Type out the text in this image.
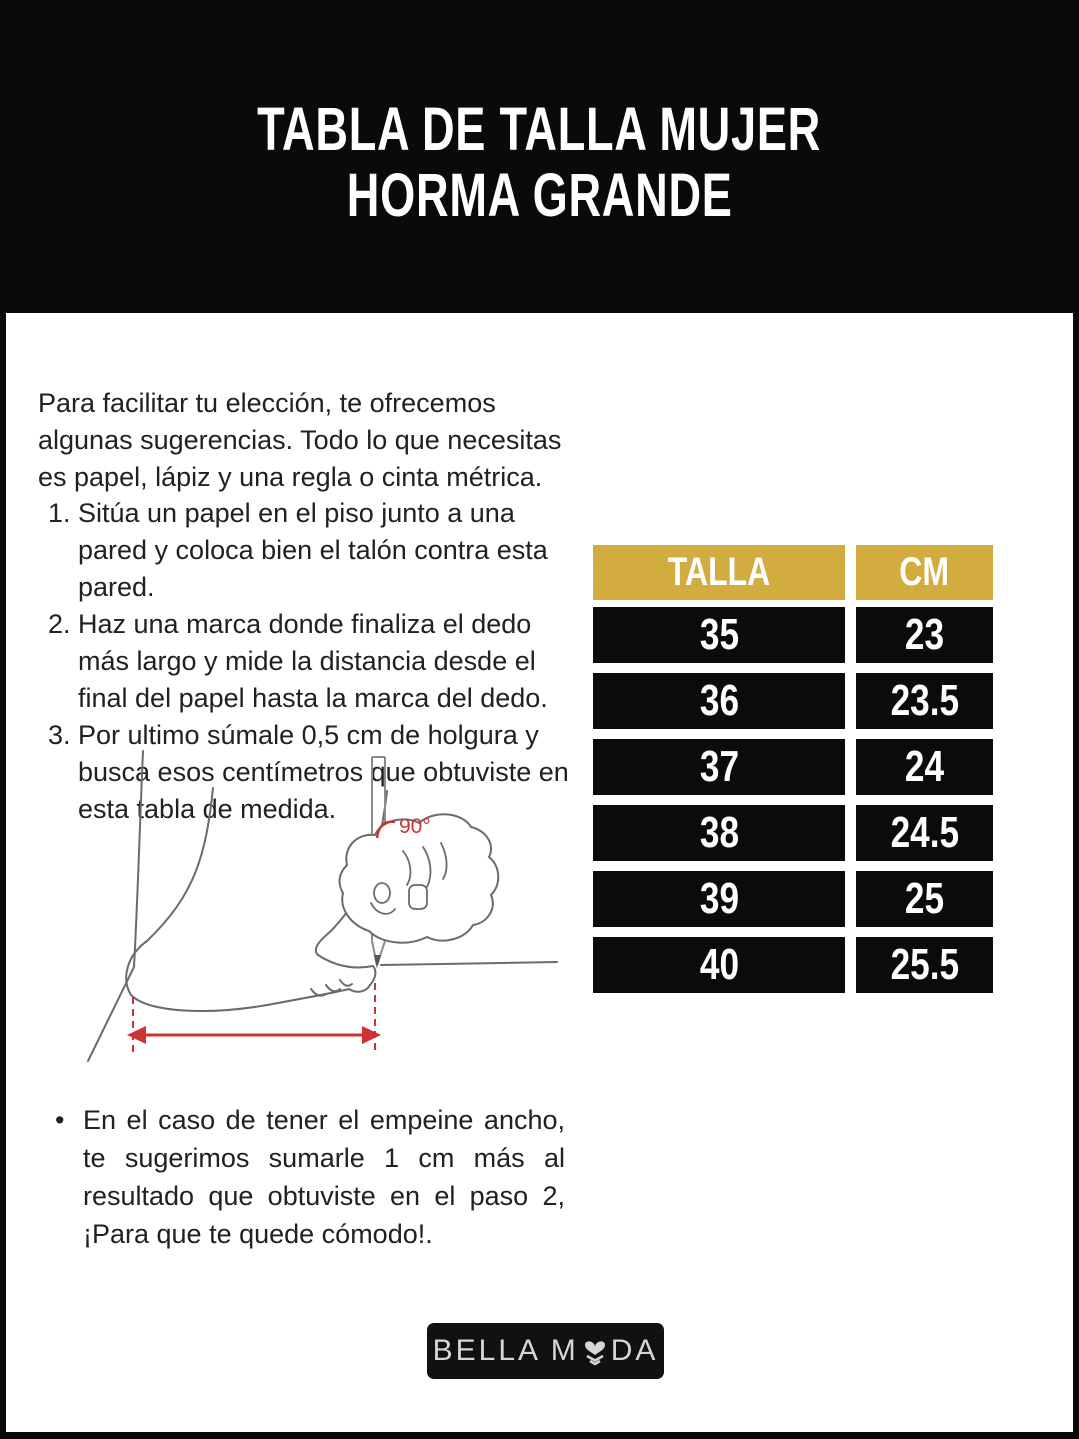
TABLA DE TALLA MUJER
HORMA GRANDE

Para facilitar tu elección, te ofrecemos algunas sugerencias. Todo lo que necesitas es papel, lápiz y una regla o cinta métrica.

1. Sitúa un papel en el piso junto a una pared y coloca bien el talón contra esta pared.
2. Haz una marca donde finaliza el dedo más largo y mide la distancia desde el final del papel hasta la marca del dedo.
3. Por ultimo súmale 0,5 cm de holgura y busca esos centímetros que obtuviste en esta tabla de medida.
TALLA	CM
35	23
36	23.5
37	24
38	24.5
39	25
40	25.5
90°
• En el caso de tener el empeine ancho, te sugerimos sumarle 1 cm más al resultado que obtuviste en el paso 2, ¡Para que te quede cómodo!.
BELLA M DA
